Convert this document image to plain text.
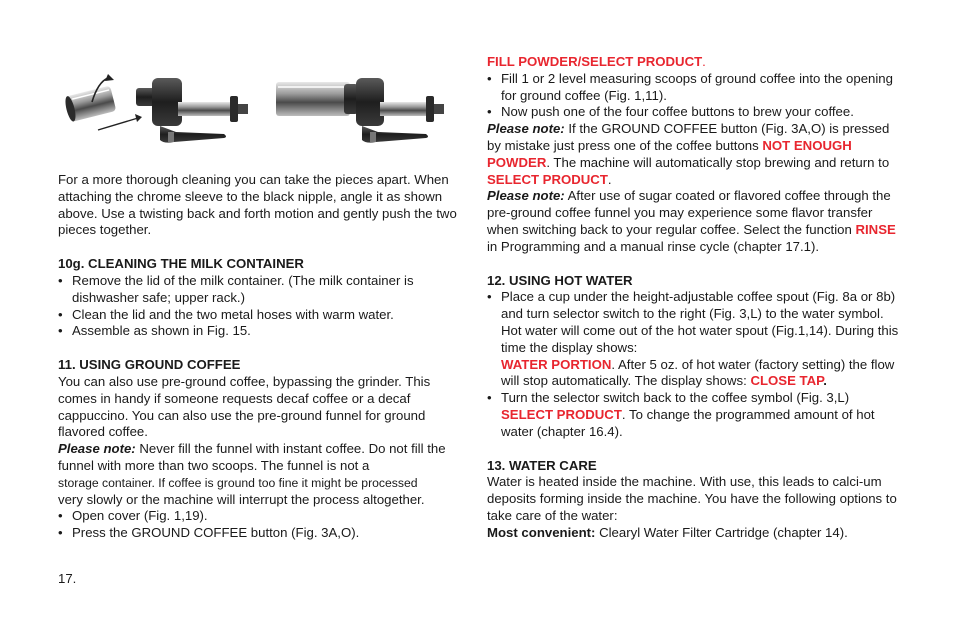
For a more thorough cleaning you can take the pieces apart. When attaching the chrome sleeve to the black nipple, angle it as shown above. Use a twisting back and forth motion and gently push the two pieces together.

10g. CLEANING THE MILK CONTAINER

• Remove the lid of the milk container. (The milk container is dishwasher safe; upper rack.)
• Clean the lid and the two metal hoses with warm water.
• Assemble as shown in Fig. 15.

11. USING GROUND COFFEE

You can also use pre-ground coffee, bypassing the grinder. This comes in handy if someone requests decaf coffee or a decaf cappuccino. You can also use the pre-ground funnel for ground flavored coffee.

Please note: Never fill the funnel with instant coffee. Do not fill the funnel with more than two scoops. The funnel is not a
storage container. If coffee is ground too fine it might be processed
very slowly or the machine will interrupt the process altogether.

• Open cover (Fig. 1,19).
• Press the GROUND COFFEE button (Fig. 3A,O).

FILL POWDER/SELECT PRODUCT.

• Fill 1 or 2 level measuring scoops of ground coffee into the opening for ground coffee (Fig. 1,11).
• Now push one of the four coffee buttons to brew your coffee.

Please note: If the GROUND COFFEE button (Fig. 3A,O) is pressed by mistake just press one of the coffee buttons NOT ENOUGH POWDER. The machine will automatically stop brewing and return to SELECT PRODUCT.

Please note: After use of sugar coated or flavored coffee through the pre-ground coffee funnel you may experience some flavor transfer when switching back to your regular coffee. Select the function RINSE in Programming and a manual rinse cycle (chapter 17.1).

12. USING HOT WATER

• Place a cup under the height-adjustable coffee spout (Fig. 8a or 8b) and turn selector switch to the right (Fig. 3,L) to the water symbol. Hot water will come out of the hot water spout (Fig.1,14). During this time the display shows:
WATER PORTION. After 5 oz. of hot water (factory setting) the flow will stop automatically. The display shows: CLOSE TAP.
• Turn the selector switch back to the coffee symbol (Fig. 3,L)
SELECT PRODUCT. To change the programmed amount of hot water (chapter 16.4).

13. WATER CARE

Water is heated inside the machine. With use, this leads to calci-um deposits forming inside the machine. You have the following options to take care of the water:

Most convenient: Clearyl Water Filter Cartridge (chapter 14).

17.
